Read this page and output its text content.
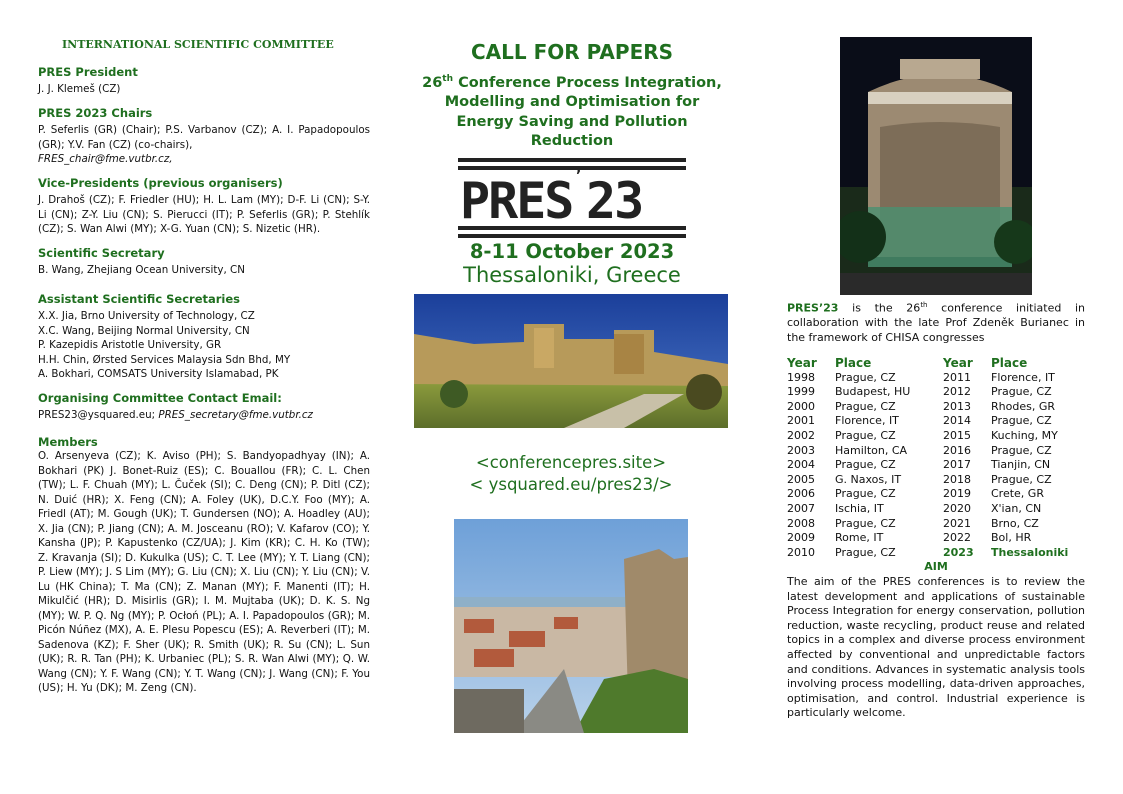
INTERNATIONAL SCIENTIFIC COMMITTEE
PRES President

J. J. Klemeš (CZ)

PRES 2023 Chairs

P. Seferlis (GR) (Chair); P.S. Varbanov (CZ); A. I. Papadopoulos (GR); Y.V. Fan (CZ) (co-chairs),
FRES_chair@fme.vutbr.cz,

Vice-Presidents (previous organisers)

J. Drahoš (CZ); F. Friedler (HU); H. L. Lam (MY); D-F. Li (CN); S-Y. Li (CN); Z-Y. Liu (CN); S. Pierucci (IT); P. Seferlis (GR); P. Stehlík (CZ); S. Wan Alwi (MY); X-G. Yuan (CN); S. Nizetic (HR).

Scientific Secretary

B. Wang, Zhejiang Ocean University, CN

Assistant Scientific Secretaries

X.X. Jia, Brno University of Technology, CZ
X.C. Wang, Beijing Normal University, CN
P. Kazepidis Aristotle University, GR
H.H. Chin, Ørsted Services Malaysia Sdn Bhd, MY
A. Bokhari, COMSATS University Islamabad, PK

Organising Committee Contact Email:

PRES23@ysquared.eu; PRES_secretary@fme.vutbr.cz

Members

O. Arsenyeva (CZ); K. Aviso (PH); S. Bandyopadhyay (IN); A. Bokhari (PK) J. Bonet-Ruiz (ES); C. Bouallou (FR); C. L. Chen (TW); L. F. Chuah (MY); L. Čuček (SI); C. Deng (CN); P. Ditl (CZ); N. Duić (HR); X. Feng (CN); A. Foley (UK), D.C.Y. Foo (MY); A. Friedl (AT); M. Gough (UK); T. Gundersen (NO); A. Hoadley (AU); X. Jia (CN); P. Jiang (CN); A. M. Josceanu (RO); V. Kafarov (CO); Y. Kansha (JP); P. Kapustenko (CZ/UA); J. Kim (KR); C. H. Ko (TW); Z. Kravanja (SI); D. Kukulka (US); C. T. Lee (MY); Y. T. Liang (CN); P. Liew (MY); J. S Lim (MY); G. Liu (CN); X. Liu (CN); Y. Liu (CN); V. Lu (HK China); T. Ma (CN); Z. Manan (MY); F. Manenti (IT); H. Mikulčić (HR); D. Misirlis (GR); I. M. Mujtaba (UK); D. K. S. Ng (MY); W. P. Q. Ng (MY); P. Ocłoń (PL); A. I. Papadopoulos (GR); M. Picón Núñez (MX), A. E. Plesu Popescu (ES); A. Reverberi (IT); M. Sadenova (KZ); F. Sher (UK); R. Smith (UK); R. Su (CN); L. Sun (UK); R. R. Tan (PH); K. Urbaniec (PL); S. R. Wan Alwi (MY); Q. W. Wang (CN); Y. F. Wang (CN); Y. T. Wang (CN); J. Wang (CN); F. You (US); H. Yu (DK); M. Zeng (CN).

CALL FOR PAPERS
26th Conference Process Integration, Modelling and Optimisation for Energy Saving and Pollution Reduction
PRES ’ 23
8-11 October 2023
Thessaloniki, Greece
<conferencepres.site>
< ysquared.eu/pres23/>
PRES’23 is the 26th conference initiated in collaboration with the late Prof Zdeněk Burianec in the framework of CHISA congresses
Year	Place	Year	Place
1998	Prague, CZ	2011	Florence, IT
1999	Budapest, HU	2012	Prague, CZ
2000	Prague, CZ	2013	Rhodes, GR
2001	Florence, IT	2014	Prague, CZ
2002	Prague, CZ	2015	Kuching, MY
2003	Hamilton, CA	2016	Prague, CZ
2004	Prague, CZ	2017	Tianjin, CN
2005	G. Naxos, IT	2018	Prague, CZ
2006	Prague, CZ	2019	Crete, GR
2007	Ischia, IT	2020	X'ian, CN
2008	Prague, CZ	2021	Brno, CZ
2009	Rome, IT	2022	Bol, HR
2010	Prague, CZ	2023	Thessaloniki
AIM
The aim of the PRES conferences is to review the latest development and applications of sustainable Process Integration for energy conservation, pollution reduction, waste recycling, product reuse and related topics in a complex and diverse process environment affected by conventional and unpredictable factors and conditions. Advances in systematic analysis tools involving process modelling, data-driven approaches, optimisation, and control. Industrial experience is particularly welcome.
